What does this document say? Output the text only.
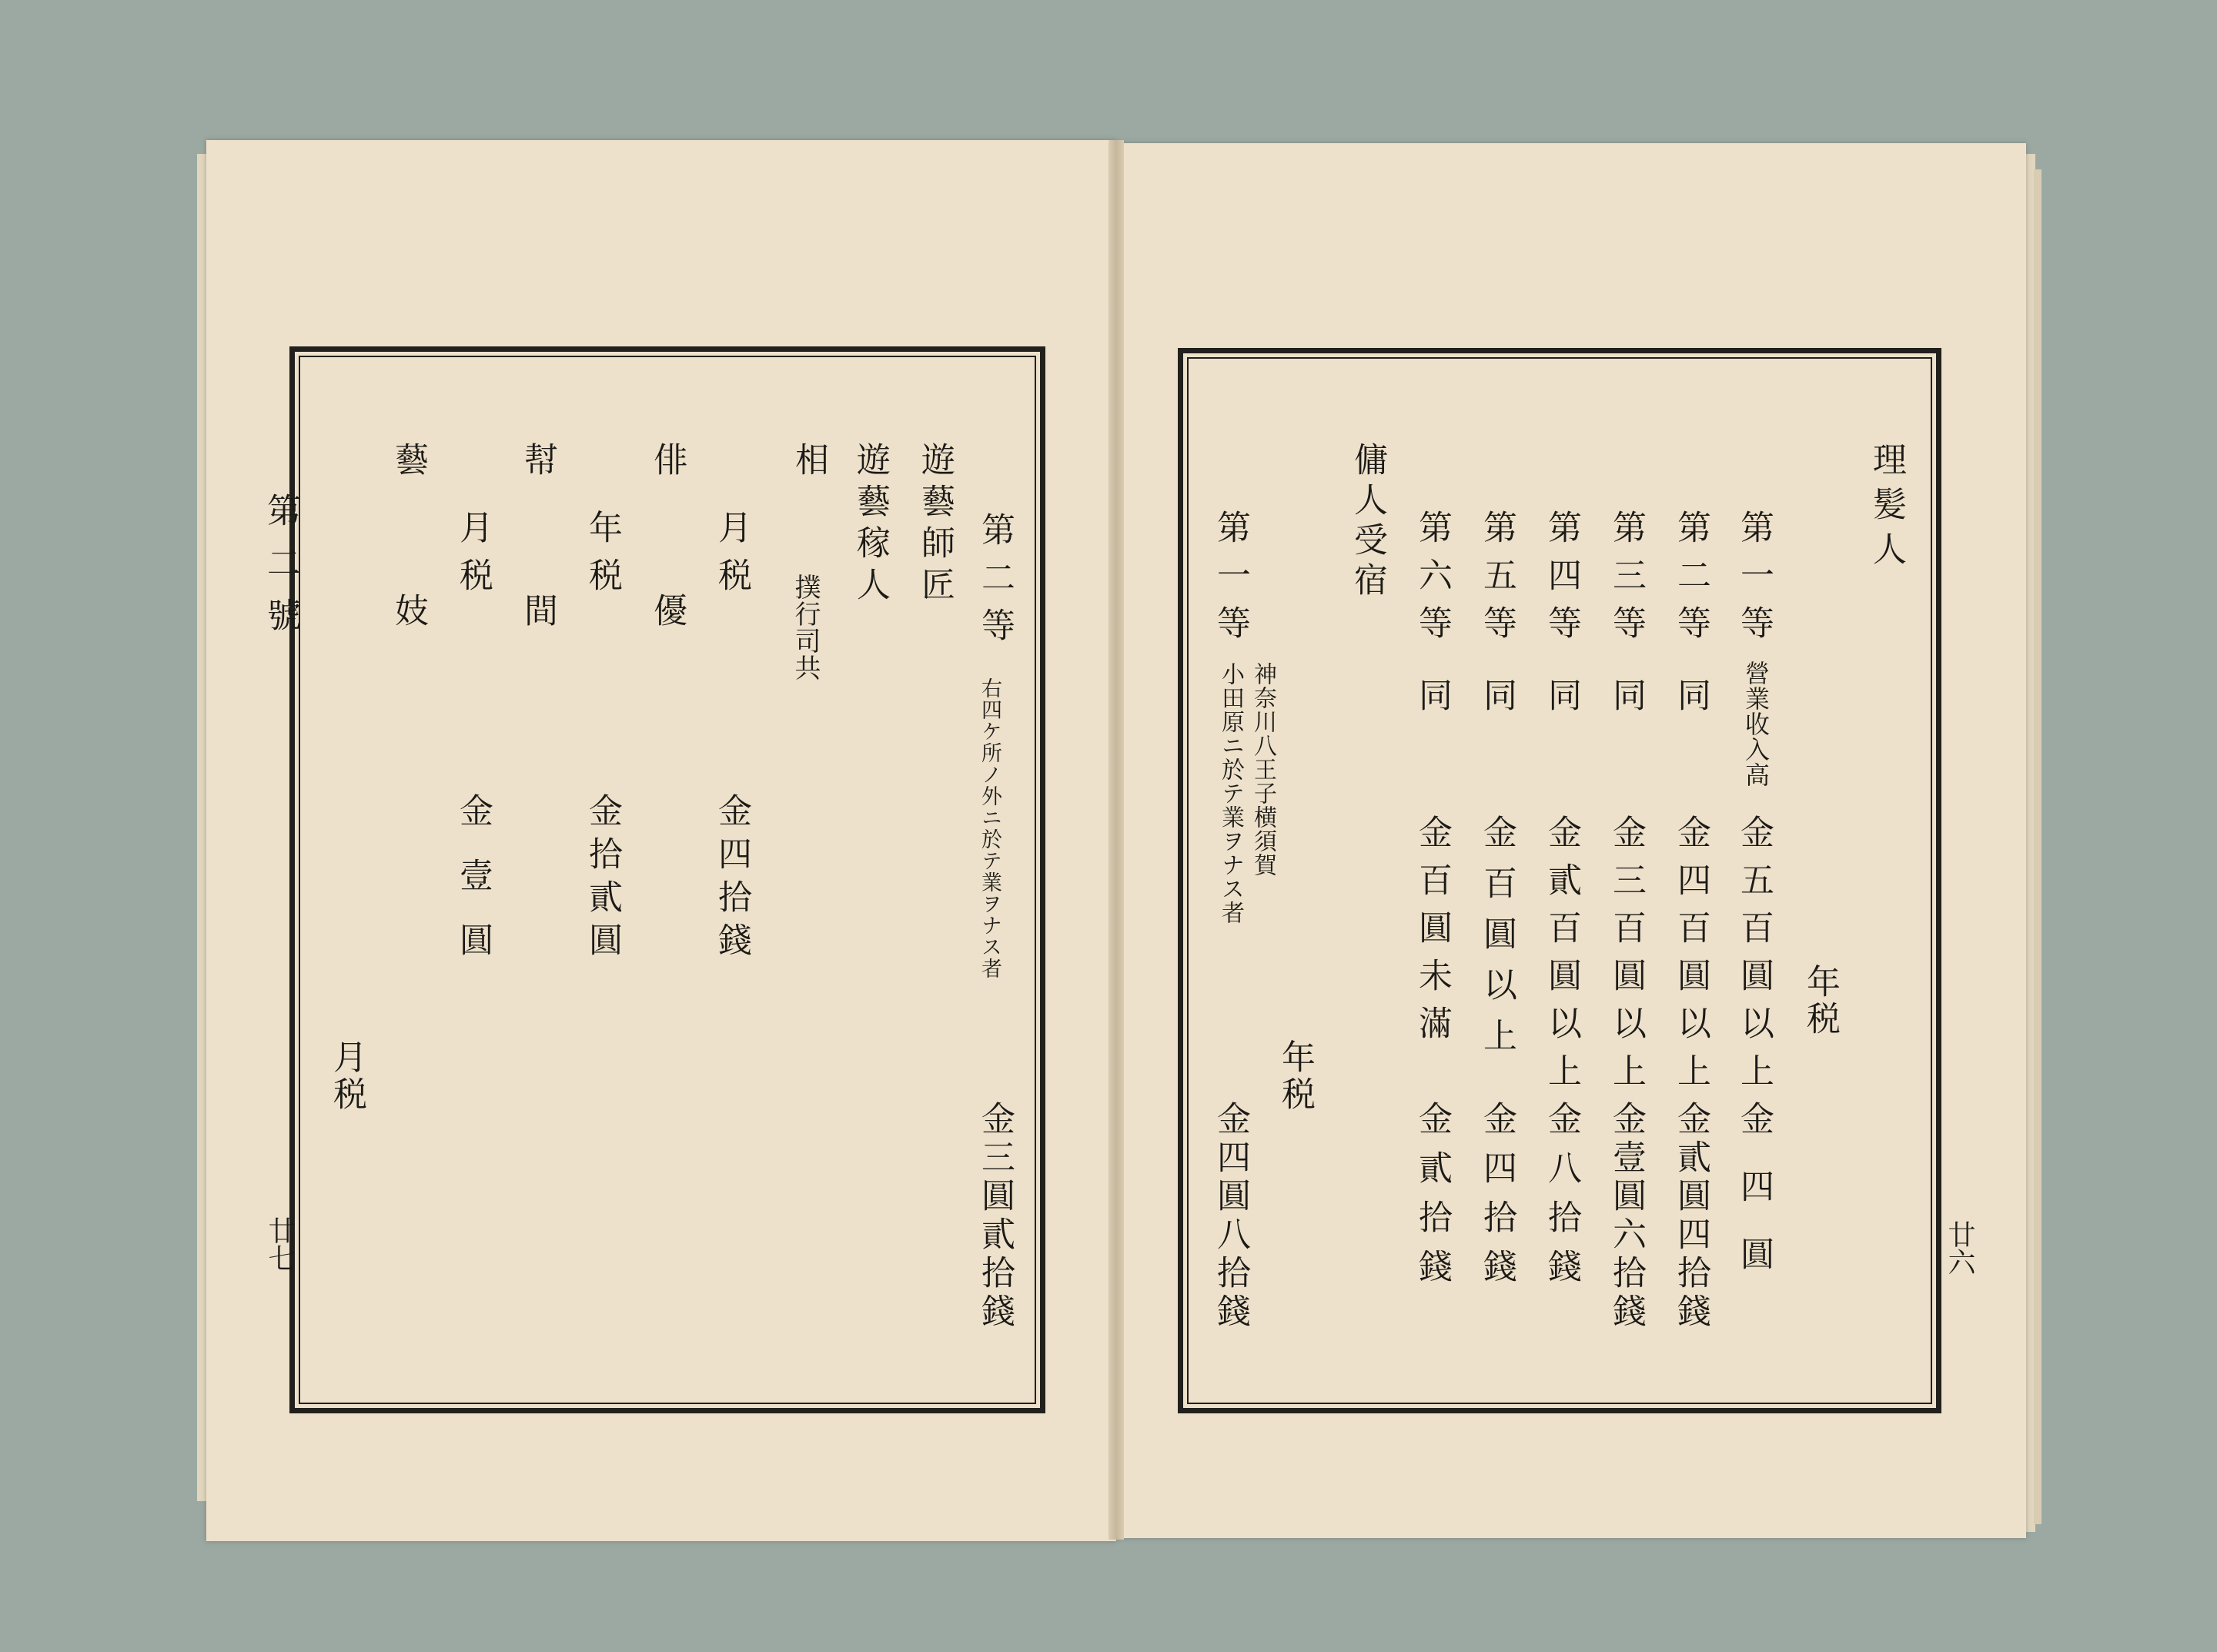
第二號
廿七
第二等
右四ケ所ノ外ニ於テ業ヲナス者
金三圓貳拾錢
遊藝師匠
遊藝稼人
相
撲行司共
月税
金四拾錢
俳
優
年税
金拾貳圓
幇
間
月税
金壹圓
藝
妓
月税
廿六
理髪人
年税
第一等
營業收入高
金五百圓以上
金　四　圓
第二等
同
金四百圓以上
金貳圓四拾錢
第三等
同
金三百圓以上
金壹圓六拾錢
第四等
同
金貳百圓以上
金八拾錢
第五等
同
金百圓以上
金四拾錢
第六等
同
金百圓未滿
金貳拾錢
傭人受宿
第一等
神奈川八王子横須賀
小田原ニ於テ業ヲナス者
年税
金四圓八拾錢
